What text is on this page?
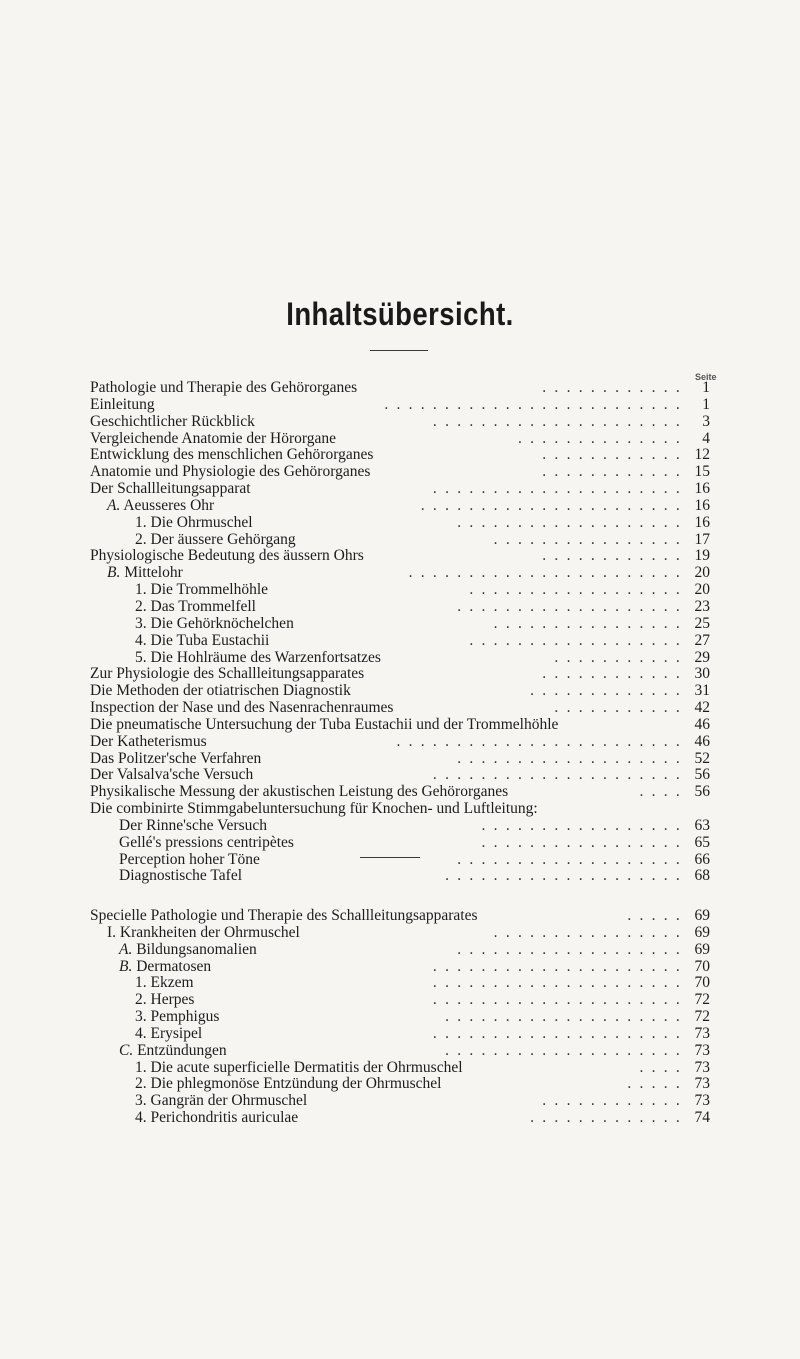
Inhaltsübersicht.
Seite
Pathologie und Therapie des Gehörorganes	. . . . . . . . . . . . 1
Einleitung	. . . . . . . . . . . . . . . . . . . . . . . . . 1
Geschichtlicher Rückblick	. . . . . . . . . . . . . . . . . . . . . 3
Vergleichende Anatomie der Hörorgane	. . . . . . . . . . . . . . 4
Entwicklung des menschlichen Gehörorganes	. . . . . . . . . . . . 12
Anatomie und Physiologie des Gehörorganes	. . . . . . . . . . . . 15
Der Schallleitungsapparat	. . . . . . . . . . . . . . . . . . . . . 16
A. Aeusseres Ohr	. . . . . . . . . . . . . . . . . . . . . . 16
1. Die Ohrmuschel	. . . . . . . . . . . . . . . . . . . 16
2. Der äussere Gehörgang	. . . . . . . . . . . . . . . . 17
Physiologische Bedeutung des äussern Ohrs	. . . . . . . . . . . . 19
B. Mittelohr	. . . . . . . . . . . . . . . . . . . . . . . 20
1. Die Trommelhöhle	. . . . . . . . . . . . . . . . . . 20
2. Das Trommelfell	. . . . . . . . . . . . . . . . . . . 23
3. Die Gehörknöchelchen	. . . . . . . . . . . . . . . . 25
4. Die Tuba Eustachii	. . . . . . . . . . . . . . . . . . 27
5. Die Hohlräume des Warzenfortsatzes	. . . . . . . . . . . 29
Zur Physiologie des Schallleitungsapparates	. . . . . . . . . . . . 30
Die Methoden der otiatrischen Diagnostik	. . . . . . . . . . . . . 31
Inspection der Nase und des Nasenrachenraumes	. . . . . . . . . . . 42
Die pneumatische Untersuchung der Tuba Eustachii und der Trommelhöhle	46
Der Katheterismus	. . . . . . . . . . . . . . . . . . . . . . . . 46
Das Politzer'sche Verfahren	. . . . . . . . . . . . . . . . . . . 52
Der Valsalva'sche Versuch	. . . . . . . . . . . . . . . . . . . . . 56
Physikalische Messung der akustischen Leistung des Gehörorganes	. . . . 56
Die combinirte Stimmgabeluntersuchung für Knochen- und Luftleitung:
Der Rinne'sche Versuch	. . . . . . . . . . . . . . . . . 63
Gellé's pressions centripètes	. . . . . . . . . . . . . . . . . 65
Perception hoher Töne	. . . . . . . . . . . . . . . . . . . 66
Diagnostische Tafel	. . . . . . . . . . . . . . . . . . . . 68
Specielle Pathologie und Therapie des Schallleitungsapparates	. . . . . 69
I. Krankheiten der Ohrmuschel	. . . . . . . . . . . . . . . . 69
A. Bildungsanomalien	. . . . . . . . . . . . . . . . . . . 69
B. Dermatosen	. . . . . . . . . . . . . . . . . . . . . 70
1. Ekzem	. . . . . . . . . . . . . . . . . . . . . 70
2. Herpes	. . . . . . . . . . . . . . . . . . . . . 72
3. Pemphigus	. . . . . . . . . . . . . . . . . . . . 72
4. Erysipel	. . . . . . . . . . . . . . . . . . . . . 73
C. Entzündungen	. . . . . . . . . . . . . . . . . . . . 73
1. Die acute superficielle Dermatitis der Ohrmuschel	. . . . 73
2. Die phlegmonöse Entzündung der Ohrmuschel	. . . . . 73
3. Gangrän der Ohrmuschel	. . . . . . . . . . . . 73
4. Perichondritis auriculae	. . . . . . . . . . . . . 74
